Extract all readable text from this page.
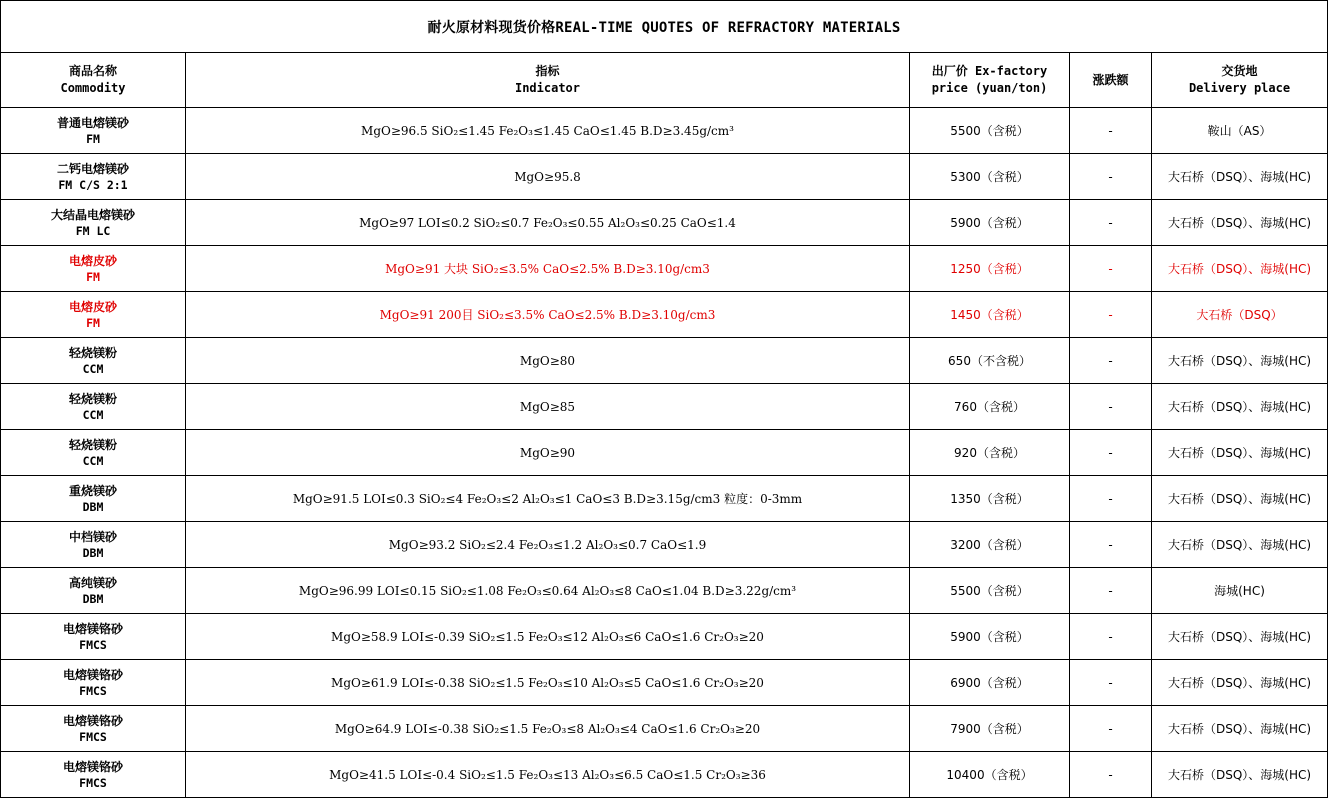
耐火原材料现货价格REAL-TIME QUOTES OF REFRACTORY MATERIALS				

商品名称
Commodity	指标
Indicator	出厂价 Ex-factory
price (yuan/ton)	涨跌额	交货地
Delivery place

普通电熔镁砂
FM	MgO≥96.5 SiO₂≤1.45 Fe₂O₃≤1.45 CaO≤1.45 B.D≥3.45g/cm³	5500（含税）	-	鞍山（AS）

二钙电熔镁砂
FM C/S 2:1	MgO≥95.8	5300（含税）	-	大石桥（DSQ）、海城(HC)

大结晶电熔镁砂
FM LC	MgO≥97 LOI≤0.2 SiO₂≤0.7 Fe₂O₃≤0.55 Al₂O₃≤0.25 CaO≤1.4	5900（含税）	-	大石桥（DSQ）、海城(HC)

电熔皮砂
FM	MgO≥91 大块 SiO₂≤3.5% CaO≤2.5% B.D≥3.10g/cm3	1250（含税）	-	大石桥（DSQ）、海城(HC)

电熔皮砂
FM	MgO≥91 200目 SiO₂≤3.5% CaO≤2.5% B.D≥3.10g/cm3	1450（含税）	-	大石桥（DSQ）

轻烧镁粉
CCM	MgO≥80	650（不含税）	-	大石桥（DSQ）、海城(HC)

轻烧镁粉
CCM	MgO≥85	760（含税）	-	大石桥（DSQ）、海城(HC)

轻烧镁粉
CCM	MgO≥90	920（含税）	-	大石桥（DSQ）、海城(HC)

重烧镁砂
DBM	MgO≥91.5 LOI≤0.3 SiO₂≤4 Fe₂O₃≤2 Al₂O₃≤1 CaO≤3 B.D≥3.15g/cm3 粒度：0-3mm	1350（含税）	-	大石桥（DSQ）、海城(HC)

中档镁砂
DBM	MgO≥93.2 SiO₂≤2.4 Fe₂O₃≤1.2 Al₂O₃≤0.7 CaO≤1.9	3200（含税）	-	大石桥（DSQ）、海城(HC)

高纯镁砂
DBM	MgO≥96.99 LOI≤0.15 SiO₂≤1.08 Fe₂O₃≤0.64 Al₂O₃≤8 CaO≤1.04 B.D≥3.22g/cm³	5500（含税）	-	海城(HC)

电熔镁铬砂
FMCS	MgO≥58.9 LOI≤-0.39 SiO₂≤1.5 Fe₂O₃≤12 Al₂O₃≤6 CaO≤1.6 Cr₂O₃≥20	5900（含税）	-	大石桥（DSQ）、海城(HC)

电熔镁铬砂
FMCS	MgO≥61.9 LOI≤-0.38 SiO₂≤1.5 Fe₂O₃≤10 Al₂O₃≤5 CaO≤1.6 Cr₂O₃≥20	6900（含税）	-	大石桥（DSQ）、海城(HC)

电熔镁铬砂
FMCS	MgO≥64.9 LOI≤-0.38 SiO₂≤1.5 Fe₂O₃≤8 Al₂O₃≤4 CaO≤1.6 Cr₂O₃≥20	7900（含税）	-	大石桥（DSQ）、海城(HC)

电熔镁铬砂
FMCS	MgO≥41.5 LOI≤-0.4 SiO₂≤1.5 Fe₂O₃≤13 Al₂O₃≤6.5 CaO≤1.5 Cr₂O₃≥36	10400（含税）	-	大石桥（DSQ）、海城(HC)
